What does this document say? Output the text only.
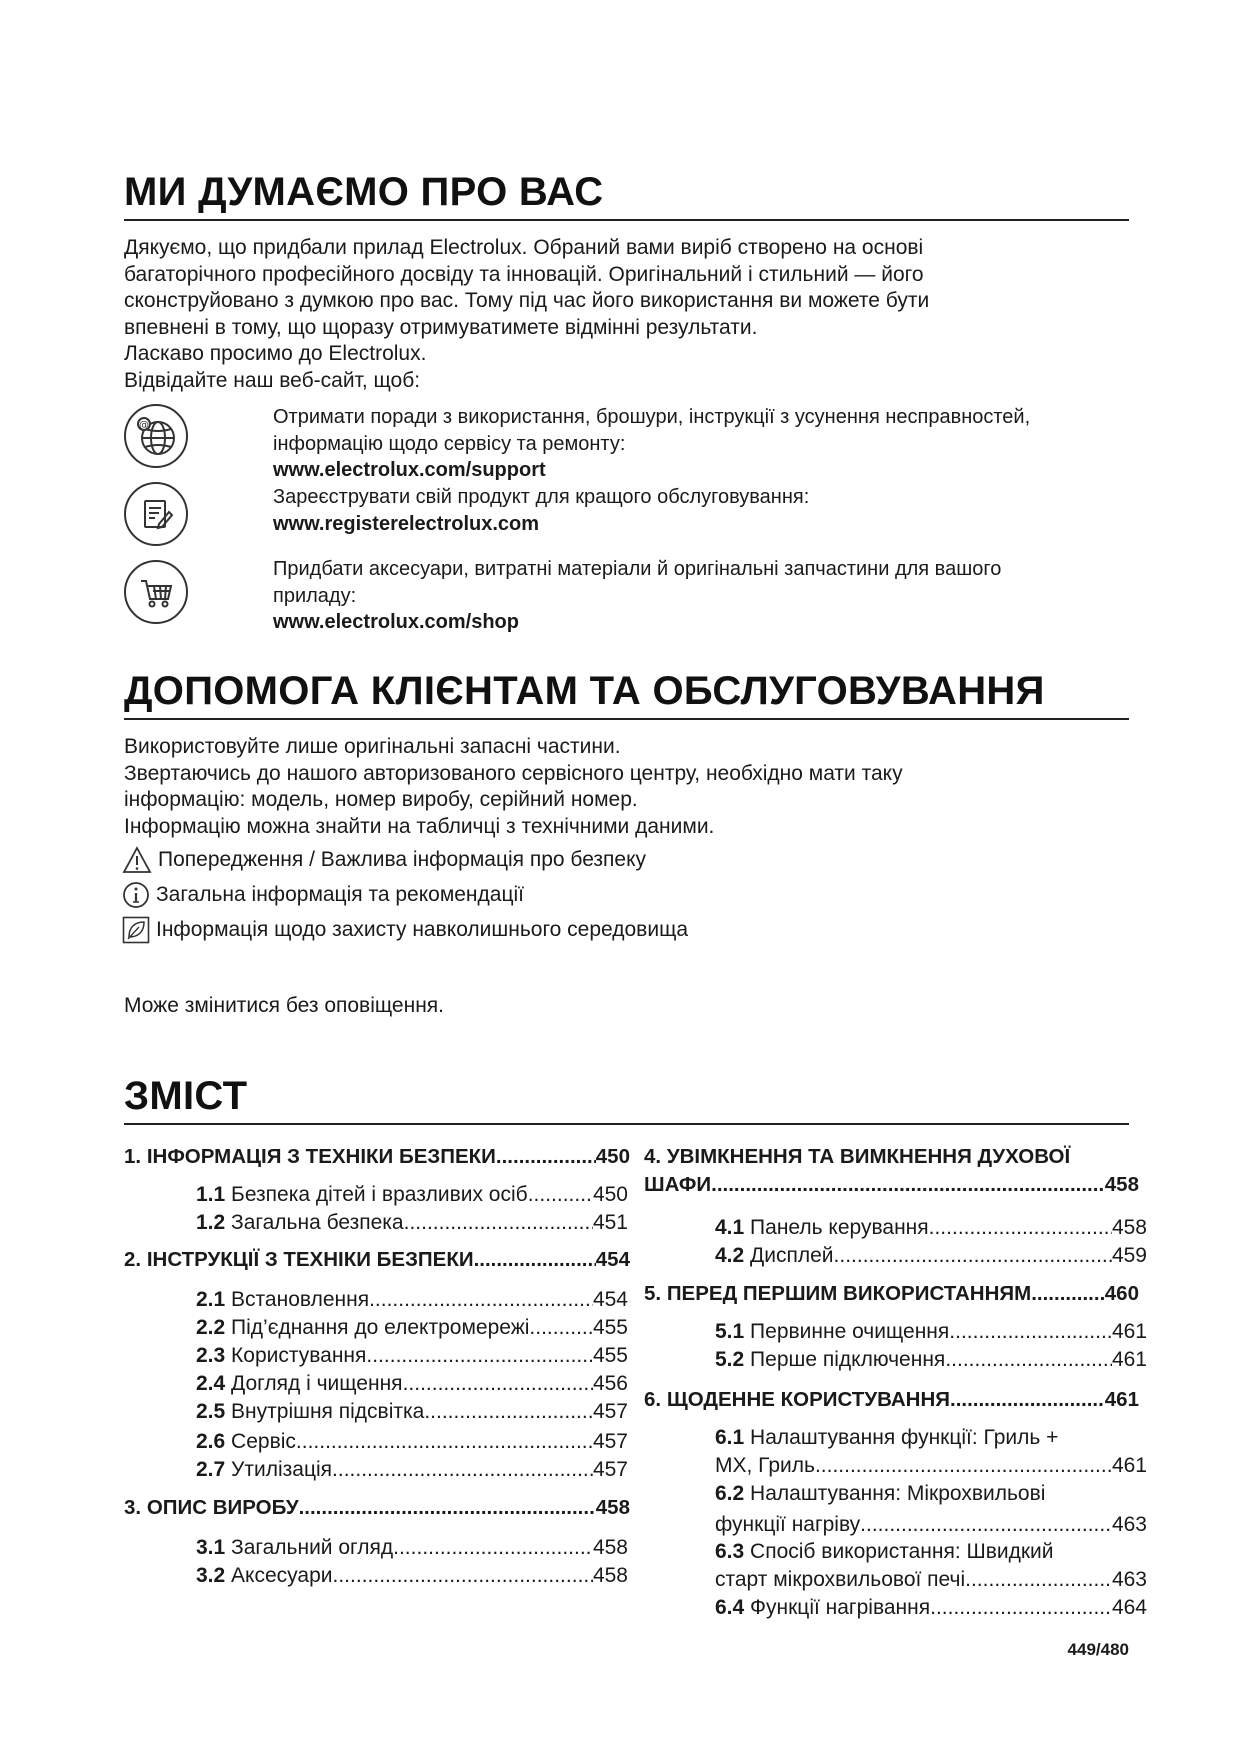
МИ ДУМАЄМО ПРО ВАС
Дякуємо, що придбали прилад Electrolux. Обраний вами виріб створено на основі
багаторічного професійного досвіду та інновацій. Оригінальний і стильний — його
сконструйовано з думкою про вас. Тому під час його використання ви можете бути
впевнені в тому, що щоразу отримуватимете відмінні результати.
Ласкаво просимо до Electrolux.
Відвідайте наш веб-сайт, щоб:
@	Отримати поради з використання, брошури, інструкції з усунення несправностей,
інформацію щодо сервісу та ремонту:
www.electrolux.com/support
Зареєструвати свій продукт для кращого обслуговування:
www.registerelectrolux.com
Придбати аксесуари, витратні матеріали й оригінальні запчастини для вашого
приладу:
www.electrolux.com/shop
ДОПОМОГА КЛІЄНТАМ ТА ОБСЛУГОВУВАННЯ
Використовуйте лише оригінальні запасні частини.
Звертаючись до нашого авторизованого сервісного центру, необхідно мати таку
інформацію: модель, номер виробу, серійний номер.
Інформацію можна знайти на табличці з технічними даними.
Попередження / Важлива інформація про безпеку
Загальна інформація та рекомендації
Інформація щодо захисту навколишнього середовища
Може змінитися без оповіщення.
ЗМІСТ
1. ІНФОРМАЦІЯ З ТЕХНІКИ БЕЗПЕКИ .....	450
1.1 Безпека дітей і вразливих осіб .....	450
1.2 Загальна безпека .....	451
2. ІНСТРУКЦІЇ З ТЕХНІКИ БЕЗПЕКИ .....	454
2.1 Встановлення .....	454
2.2 Під’єднання до електромережі .....	455
2.3 Користування .....	455
2.4 Догляд і чищення .....	456
2.5 Внутрішня підсвітка .....	457
2.6 Сервіс .....	457
2.7 Утилізація .....	457
3. ОПИС ВИРОБУ .....	458
3.1 Загальний огляд .....	458
3.2 Аксесуари .....	458
4. УВІМКНЕННЯ ТА ВИМКНЕННЯ ДУХОВОЇ
ШАФИ .....	458
4.1 Панель керування .....	458
4.2 Дисплей .....	459
5. ПЕРЕД ПЕРШИМ ВИКОРИСТАННЯМ .....	460
5.1 Первинне очищення .....	461
5.2 Перше підключення .....	461
6. ЩОДЕННЕ КОРИСТУВАННЯ .....	461
6.1 Налаштування функції: Гриль +
МХ, Гриль .....	461
6.2 Налаштування: Мікрохвильові
функції нагріву .....	463
6.3 Спосіб використання: Швидкий
старт мікрохвильової печі .....	463
6.4 Функції нагрівання .....	464
449/480
